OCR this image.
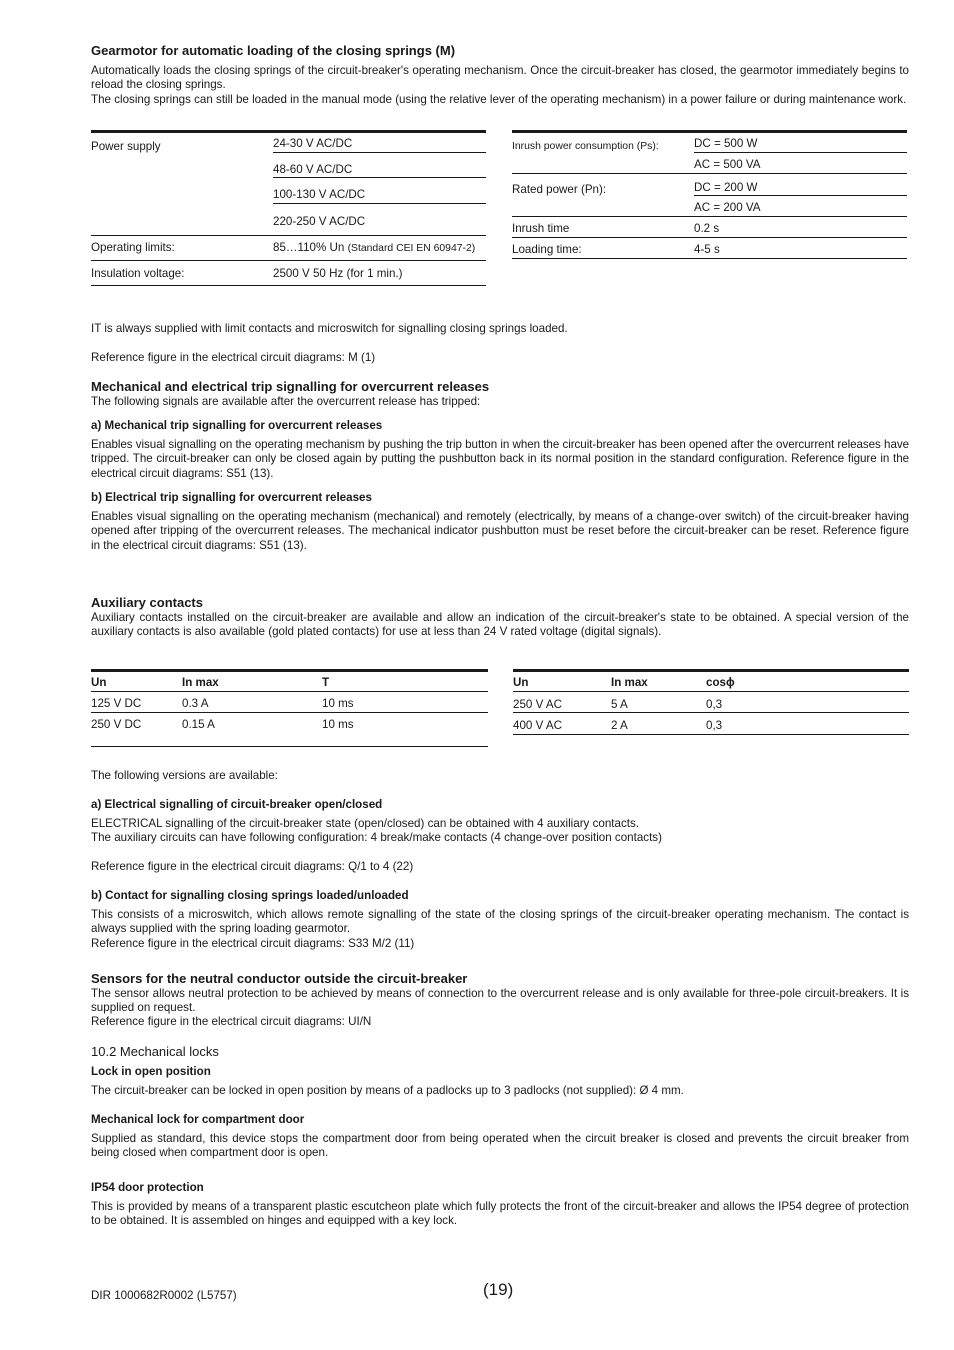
Gearmotor for automatic loading of the closing springs (M)
Automatically loads the closing springs of the circuit-breaker's operating mechanism. Once the circuit-breaker has closed, the gearmotor immediately begins to reload the closing springs.
The closing springs can still be loaded in the manual mode (using the relative lever of the operating mechanism) in a power failure or during maintenance work.
Power supply	24-30 V AC/DC
48-60 V AC/DC
100-130 V AC/DC
220-250 V AC/DC
Operating limits:	85…110% Un (Standard CEI EN 60947-2)
Insulation voltage:	2500 V 50 Hz (for 1 min.)
Inrush power consumption (Ps):	DC = 500 W
AC = 500 VA
Rated power (Pn):	DC = 200 W
AC = 200 VA
Inrush time	0.2 s
Loading time:	4-5 s
IT is always supplied with limit contacts and microswitch for signalling closing springs loaded.
Reference figure in the electrical circuit diagrams: M (1)
Mechanical and electrical trip signalling for overcurrent releases
The following signals are available after the overcurrent release has tripped:
a) Mechanical trip signalling for overcurrent releases
Enables visual signalling on the operating mechanism by pushing the trip button in when the circuit-breaker has been opened after the overcurrent releases have tripped. The circuit-breaker can only be closed again by putting the pushbutton back in its normal position in the standard configuration. Reference figure in the electrical circuit diagrams: S51 (13).
b) Electrical trip signalling for overcurrent releases
Enables visual signalling on the operating mechanism (mechanical) and remotely (electrically, by means of a change-over switch) of the circuit-breaker having opened after tripping of the overcurrent releases. The mechanical indicator pushbutton must be reset before the circuit-breaker can be reset. Reference figure in the electrical circuit diagrams: S51 (13).
Auxiliary contacts
Auxiliary contacts installed on the circuit-breaker are available and allow an indication of the circuit-breaker's state to be obtained. A special version of the auxiliary contacts is also available (gold plated contacts) for use at less than 24 V rated voltage (digital signals).
Un	In max	T
125 V DC	0.3 A	10 ms
250 V DC	0.15 A	10 ms
Un	In max	cosϕ
250 V AC	5 A	0,3
400 V AC	2 A	0,3
The following versions are available:
a) Electrical signalling of circuit-breaker open/closed
ELECTRICAL signalling of the circuit-breaker state (open/closed) can be obtained with 4 auxiliary contacts.
The auxiliary circuits can have following configuration: 4 break/make contacts (4 change-over position contacts)
Reference figure in the electrical circuit diagrams: Q/1 to 4 (22)
b) Contact for signalling closing springs loaded/unloaded
This consists of a microswitch, which allows remote signalling of the state of the closing springs of the circuit-breaker operating mechanism. The contact is always supplied with the spring loading gearmotor.
Reference figure in the electrical circuit diagrams: S33 M/2 (11)
Sensors for the neutral conductor outside the circuit-breaker
The sensor allows neutral protection to be achieved by means of connection to the overcurrent release and is only available for three-pole circuit-breakers. It is supplied on request.
Reference figure in the electrical circuit diagrams: UI/N
10.2 Mechanical locks
Lock in open position
The circuit-breaker can be locked in open position by means of a padlocks up to 3 padlocks (not supplied): Ø 4 mm.
Mechanical lock for compartment door
Supplied as standard, this device stops the compartment door from being operated when the circuit breaker is closed and prevents the circuit breaker from being closed when compartment door is open.
IP54 door protection
This is provided by means of a transparent plastic escutcheon plate which fully protects the front of the circuit-breaker and allows the IP54 degree of protection to be obtained. It is assembled on hinges and equipped with a key lock.
DIR 1000682R0002 (L5757)	(19)
